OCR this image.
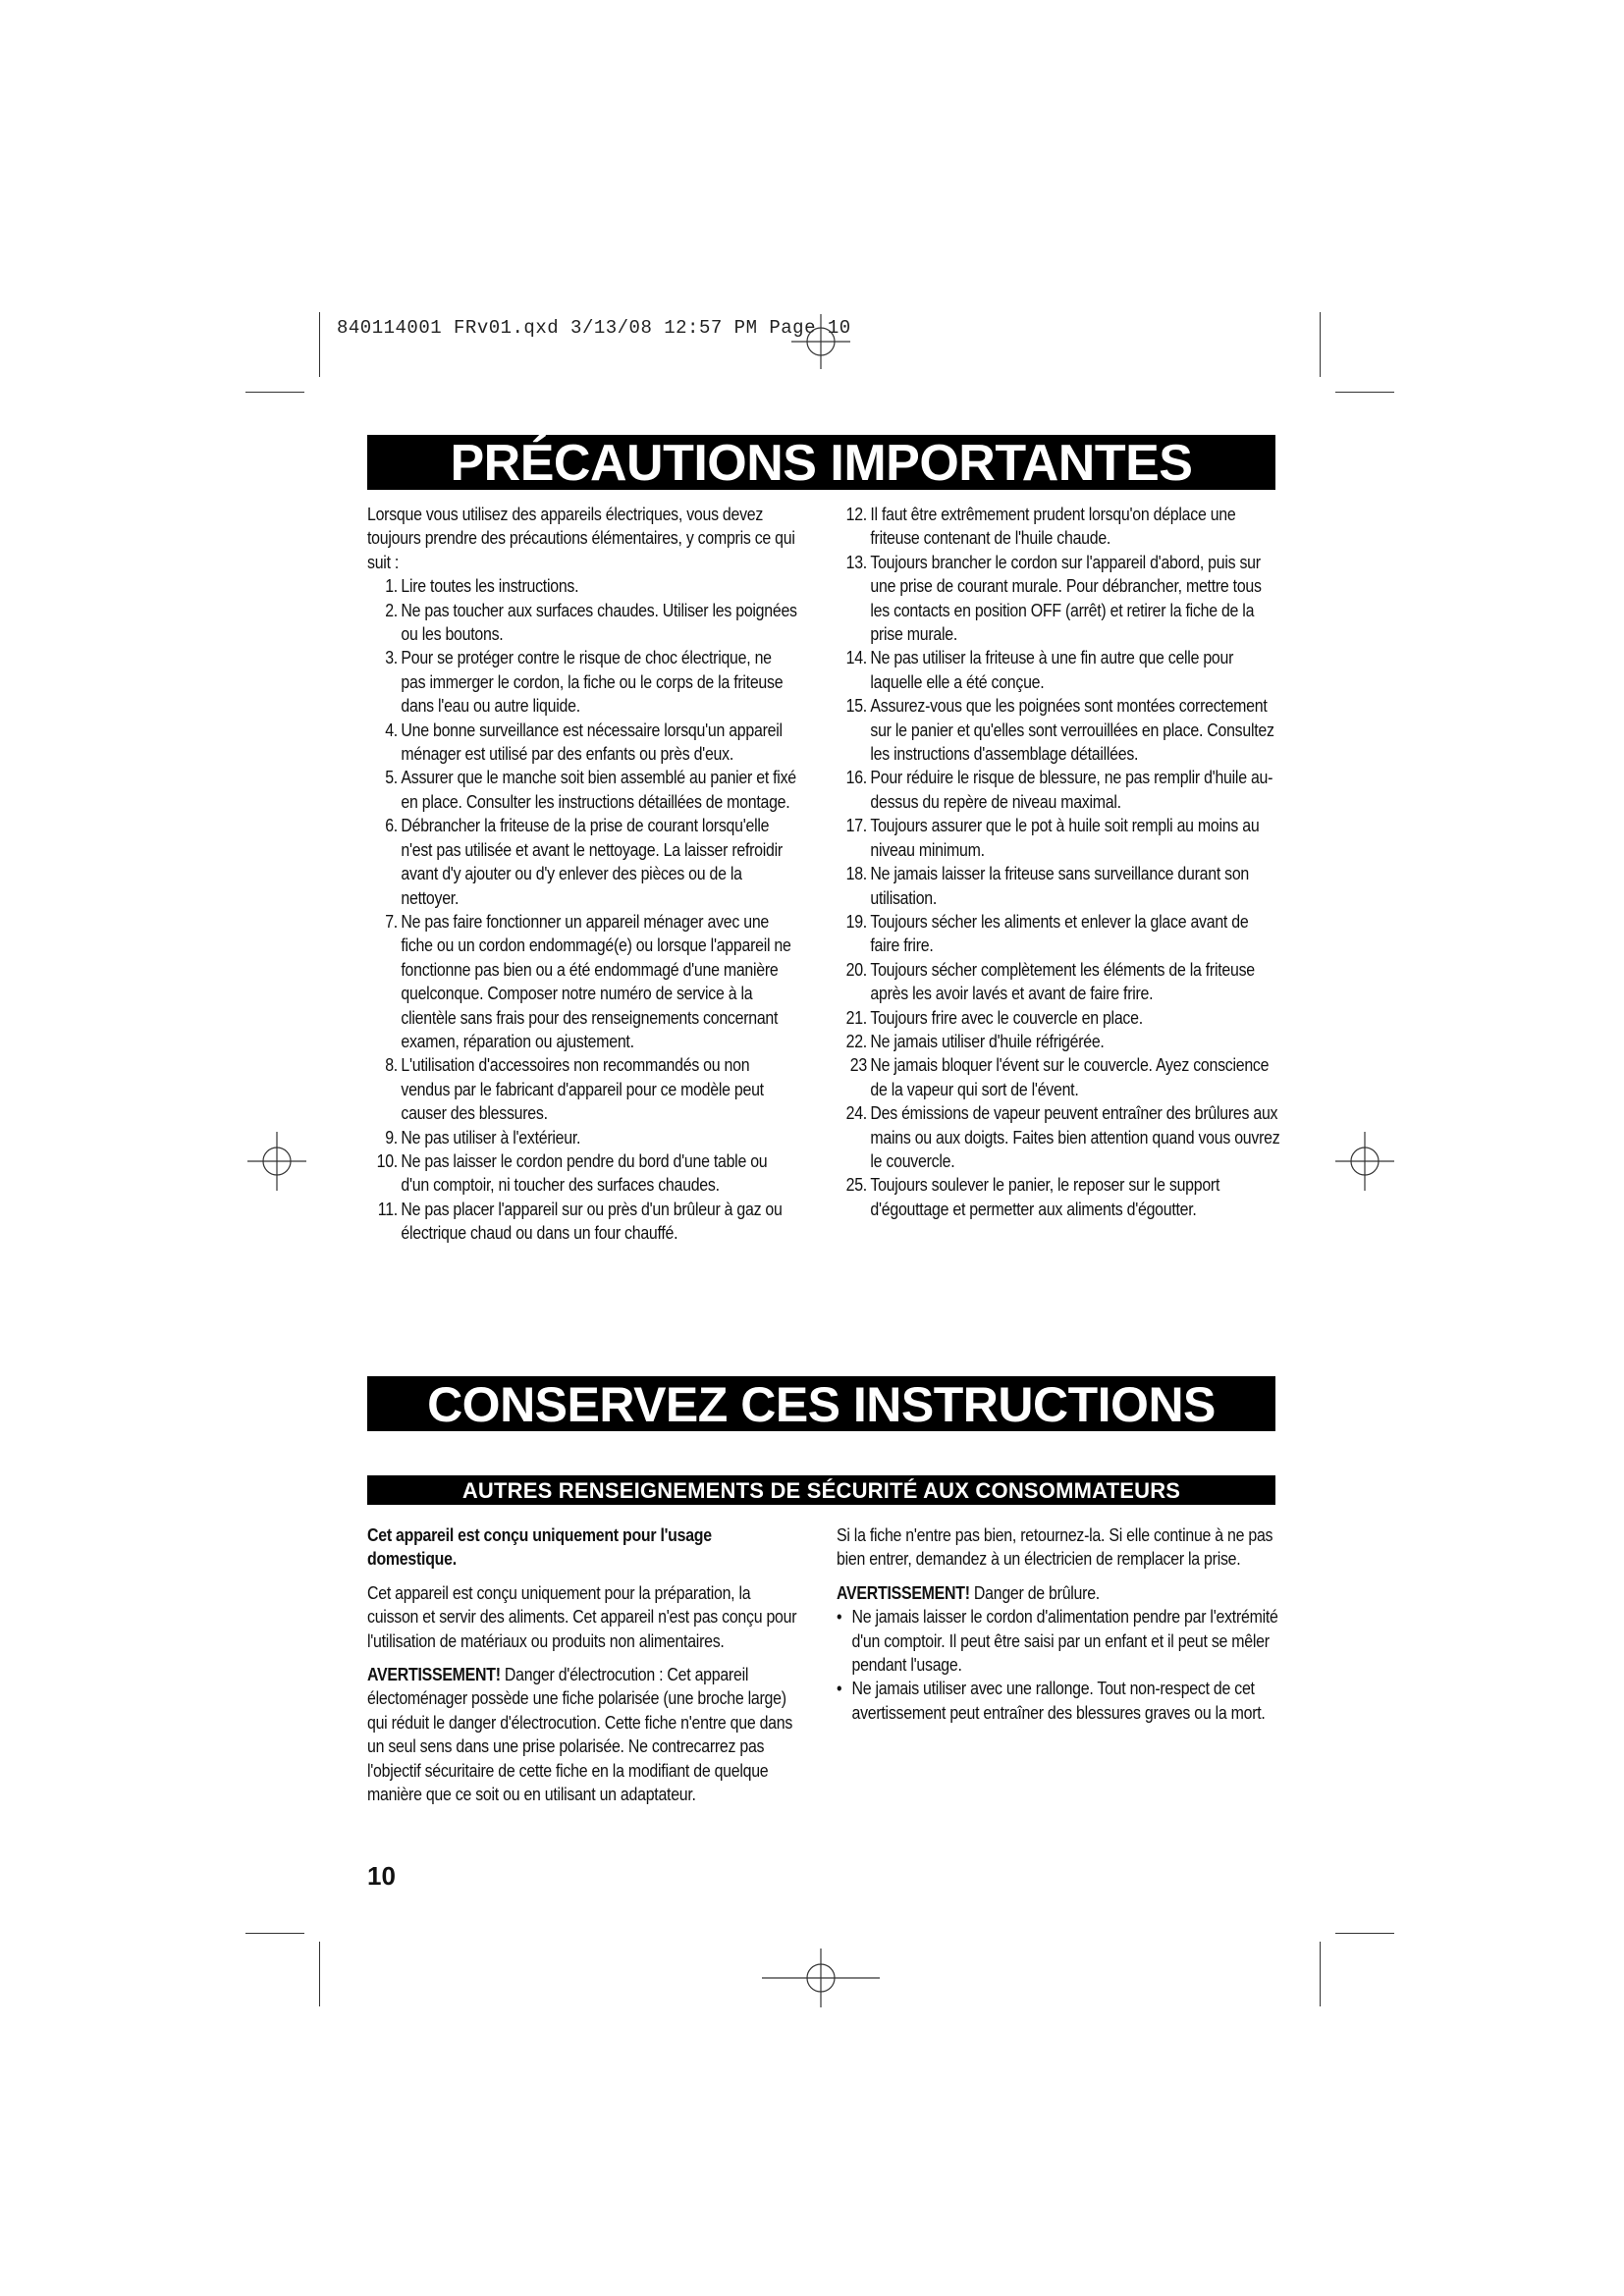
840114001 FRv01.qxd 3/13/08 12:57 PM Page 10
PRÉCAUTIONS IMPORTANTES

Lorsque vous utilisez des appareils électriques, vous devez toujours prendre des précautions élémentaires, y compris ce qui suit :

1. Lire toutes les instructions.
2. Ne pas toucher aux surfaces chaudes. Utiliser les poignées ou les boutons.
3. Pour se protéger contre le risque de choc électrique, ne pas immerger le cordon, la fiche ou le corps de la friteuse dans l'eau ou autre liquide.
4. Une bonne surveillance est nécessaire lorsqu'un appareil ménager est utilisé par des enfants ou près d'eux.
5. Assurer que le manche soit bien assemblé au panier et fixé en place. Consulter les instructions détaillées de montage.
6. Débrancher la friteuse de la prise de courant lorsqu'elle n'est pas utilisée et avant le nettoyage. La laisser refroidir avant d'y ajouter ou d'y enlever des pièces ou de la nettoyer.
7. Ne pas faire fonctionner un appareil ménager avec une fiche ou un cordon endommagé(e) ou lorsque l'appareil ne fonctionne pas bien ou a été endommagé d'une manière quelconque. Composer notre numéro de service à la clientèle sans frais pour des renseignements concernant examen, réparation ou ajustement.
8. L'utilisation d'accessoires non recommandés ou non vendus par le fabricant d'appareil pour ce modèle peut causer des blessures.
9. Ne pas utiliser à l'extérieur.
10. Ne pas laisser le cordon pendre du bord d'une table ou d'un comptoir, ni toucher des surfaces chaudes.
11. Ne pas placer l'appareil sur ou près d'un brûleur à gaz ou électrique chaud ou dans un four chauffé.
12. Il faut être extrêmement prudent lorsqu'on déplace une friteuse contenant de l'huile chaude.
13. Toujours brancher le cordon sur l'appareil d'abord, puis sur une prise de courant murale. Pour débrancher, mettre tous les contacts en position OFF (arrêt) et retirer la fiche de la prise murale.
14. Ne pas utiliser la friteuse à une fin autre que celle pour laquelle elle a été conçue.
15. Assurez-vous que les poignées sont montées correctement sur le panier et qu'elles sont verrouillées en place. Consultez les instructions d'assemblage détaillées.
16. Pour réduire le risque de blessure, ne pas remplir d'huile au-dessus du repère de niveau maximal.
17. Toujours assurer que le pot à huile soit rempli au moins au niveau minimum.
18. Ne jamais laisser la friteuse sans surveillance durant son utilisation.
19. Toujours sécher les aliments et enlever la glace avant de faire frire.
20. Toujours sécher complètement les éléments de la friteuse après les avoir lavés et avant de faire frire.
21. Toujours frire avec le couvercle en place.
22. Ne jamais utiliser d'huile réfrigérée.
23 Ne jamais bloquer l'évent sur le couvercle. Ayez conscience de la vapeur qui sort de l'évent.
24. Des émissions de vapeur peuvent entraîner des brûlures aux mains ou aux doigts. Faites bien attention quand vous ouvrez le couvercle.
25. Toujours soulever le panier, le reposer sur le support d'égouttage et permetter aux aliments d'égoutter.
CONSERVEZ CES INSTRUCTIONS
AUTRES RENSEIGNEMENTS DE SÉCURITÉ AUX CONSOMMATEURS

Cet appareil est conçu uniquement pour l'usage domestique.

Cet appareil est conçu uniquement pour la préparation, la cuisson et servir des aliments. Cet appareil n'est pas conçu pour l'utilisation de matériaux ou produits non alimentaires.

AVERTISSEMENT! Danger d'électrocution : Cet appareil électoménager possède une fiche polarisée (une broche large) qui réduit le danger d'électrocution. Cette fiche n'entre que dans un seul sens dans une prise polarisée. Ne contrecarrez pas l'objectif sécuritaire de cette fiche en la modifiant de quelque manière que ce soit ou en utilisant un adaptateur.

Si la fiche n'entre pas bien, retournez-la. Si elle continue à ne pas bien entrer, demandez à un électricien de remplacer la prise.

AVERTISSEMENT! Danger de brûlure.

• Ne jamais laisser le cordon d'alimentation pendre par l'extrémité d'un comptoir. Il peut être saisi par un enfant et il peut se mêler pendant l'usage.
• Ne jamais utiliser avec une rallonge. Tout non-respect de cet avertissement peut entraîner des blessures graves ou la mort.
10
